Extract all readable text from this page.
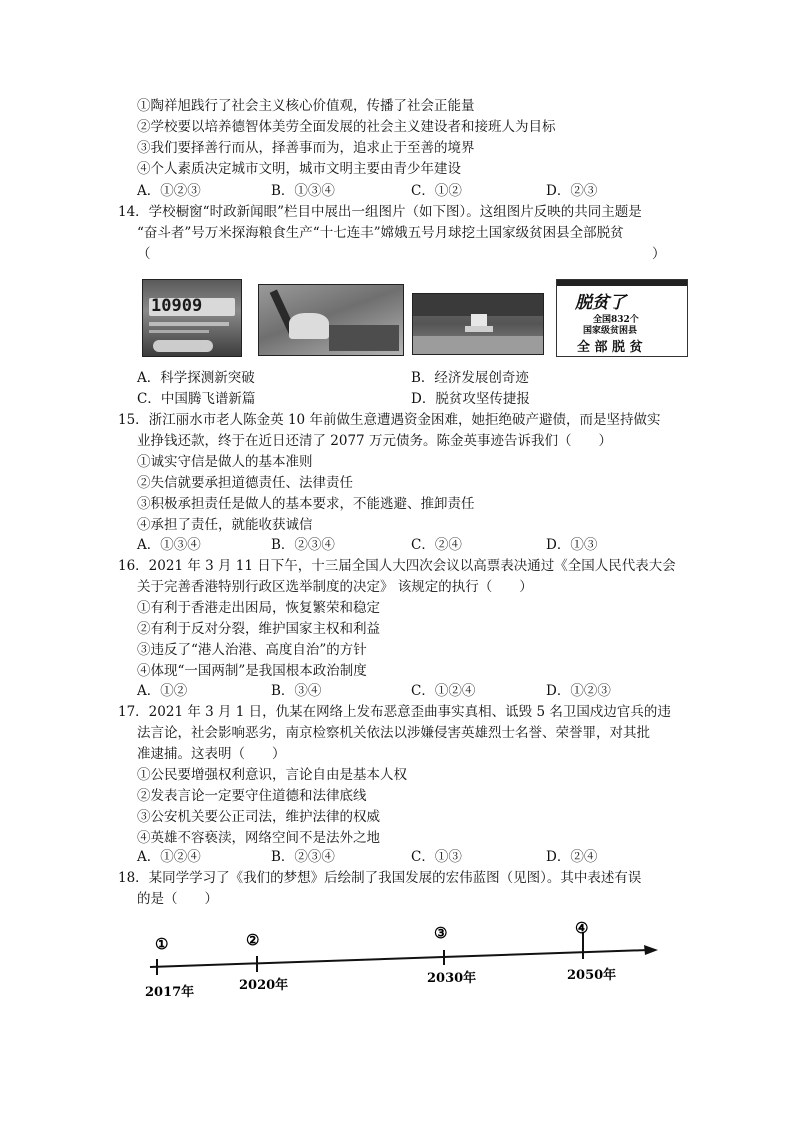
①陶祥旭践行了社会主义核心价值观，传播了社会正能量
②学校要以培养德智体美劳全面发展的社会主义建设者和接班人为目标
③我们要择善行而从，择善事而为，追求止于至善的境界
④个人素质决定城市文明，城市文明主要由青少年建设
A．①②③	B．①③④	C．①②	D．②③
14．学校橱窗“时政新闻眼”栏目中展出一组图片（如下图）。这组图片反映的共同主题是
“奋斗者”号万米探海粮食生产“十七连丰”嫦娥五号月球挖土国家级贫困县全部脱贫
（	）
10909	脱贫了
全国832个
国家级贫困县
全 部 脱 贫
A．科学探测新突破	B．经济发展创奇迹
C．中国腾飞谱新篇	D．脱贫攻坚传捷报
15．浙江丽水市老人陈金英 10 年前做生意遭遇资金困难，她拒绝破产避债，而是坚持做实
业挣钱还款，终于在近日还清了 2077 万元债务。陈金英事迹告诉我们（　　）
①诚实守信是做人的基本准则
②失信就要承担道德责任、法律责任
③积极承担责任是做人的基本要求，不能逃避、推卸责任
④承担了责任，就能收获诚信
A．①③④	B．②③④	C．②④	D．①③
16．2021 年 3 月 11 日下午，十三届全国人大四次会议以高票表决通过《全国人民代表大会
关于完善香港特别行政区选举制度的决定》 该规定的执行（　　）
①有利于香港走出困局，恢复繁荣和稳定
②有利于反对分裂，维护国家主权和利益
③违反了“港人治港、高度自治”的方针
④体现“一国两制”是我国根本政治制度
A．①②	B．③④	C．①②④	D．①②③
17．2021 年 3 月 1 日，仇某在网络上发布恶意歪曲事实真相、诋毁 5 名卫国戍边官兵的违
法言论，社会影响恶劣，南京检察机关依法以涉嫌侵害英雄烈士名誉、荣誉罪，对其批
准逮捕。这表明（　　）
①公民要增强权利意识，言论自由是基本人权
②发表言论一定要守住道德和法律底线
③公安机关要公正司法，维护法律的权威
④英雄不容亵渎，网络空间不是法外之地
A．①②④	B．②③④	C．①③	D．②④
18．某同学学习了《我们的梦想》后绘制了我国发展的宏伟蓝图（见图）。其中表述有误
的是（　　）
①	②	③	④
2017年	2020年	2030年	2050年
